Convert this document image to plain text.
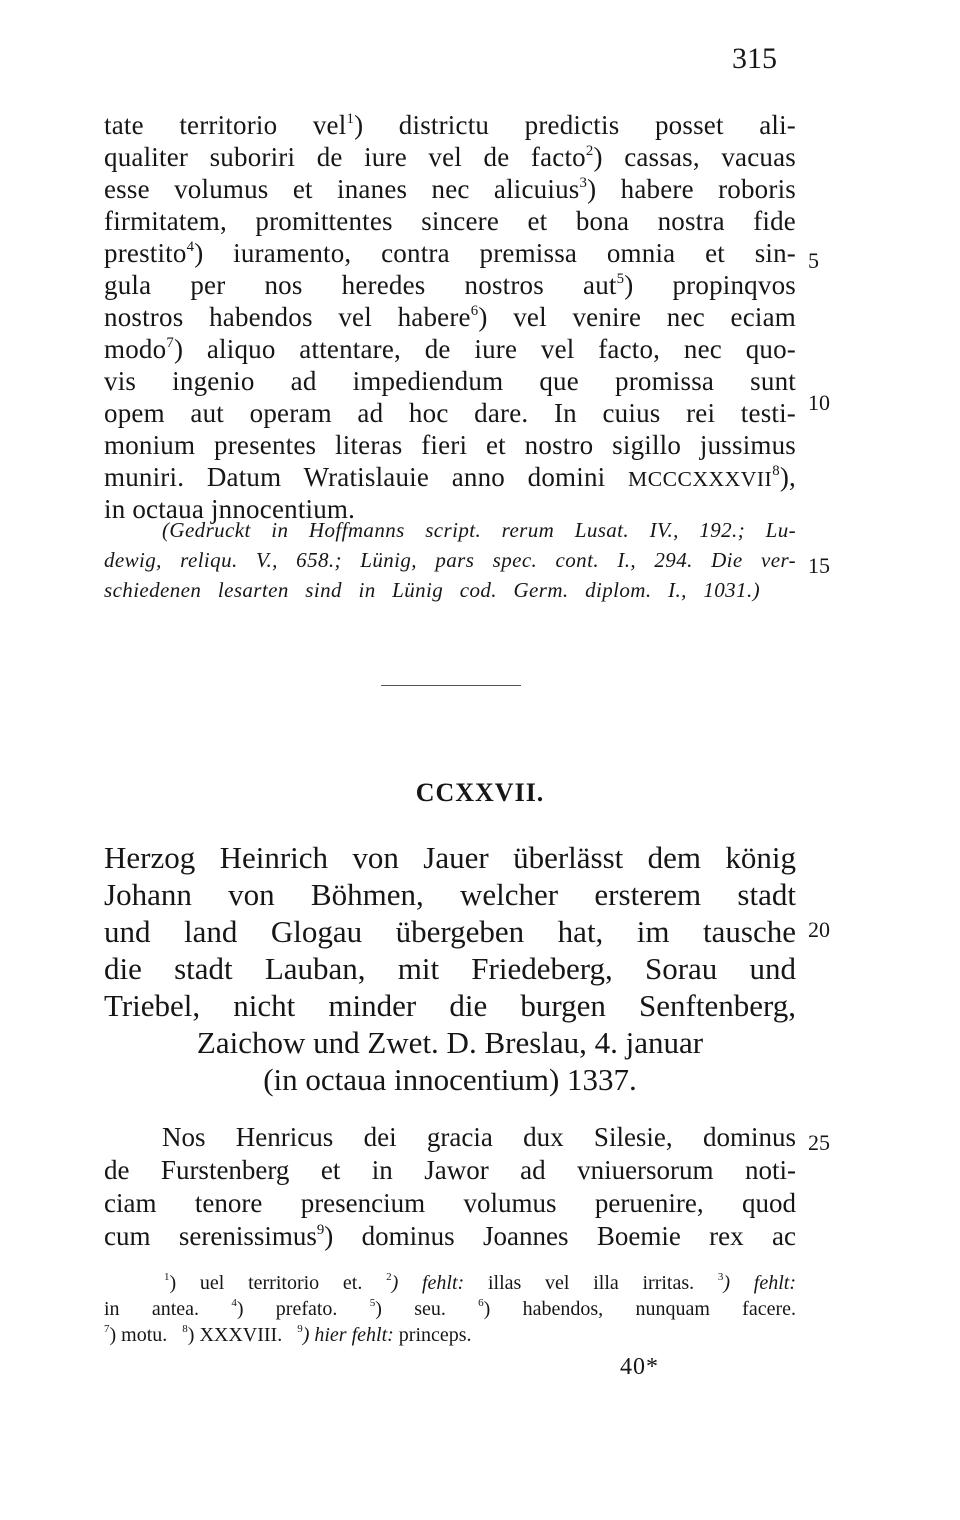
315
tate territorio vel$^1$) districtu predictis posset ali-
qualiter suboriri de iure vel de facto$^2$) cassas, vacuas
esse volumus et inanes nec alicuius$^3$) habere roboris
firmitatem, promittentes sincere et bona nostra fide
prestito$^4$) iuramento, contra premissa omnia et sin-
gula per nos heredes nostros aut$^5$) propinqvos
nostros habendos vel habere$^6$) vel venire nec eciam
modo$^7$) aliquo attentare, de iure vel facto, nec quo-
vis ingenio ad impediendum que promissa sunt
opem aut operam ad hoc dare. In cuius rei testi-
monium presentes literas fieri et nostro sigillo jussimus
muniri. Datum Wratislauie anno domini MCCCXXXVII$^8$),
in octaua jnnocentium.
5
10
15
20
25
(Gedruckt in Hoffmanns script. rerum Lusat. IV., 192.; Lu-
dewig, reliqu. V., 658.; Lünig, pars spec. cont. I., 294. Die ver-
schiedenen lesarten sind in Lünig cod. Germ. diplom. I., 1031.)
CCXXVII.
Herzog Heinrich von Jauer überlässt dem könig
Johann von Böhmen, welcher ersterem stadt
und land Glogau übergeben hat, im tausche
die stadt Lauban, mit Friedeberg, Sorau und
Triebel, nicht minder die burgen Senftenberg,
Zaichow und Zwet. D. Breslau, 4. januar
(in octaua innocentium) 1337.
Nos Henricus dei gracia dux Silesie, dominus
de Furstenberg et in Jawor ad vniuersorum noti-
ciam tenore presencium volumus peruenire, quod
cum serenissimus$^9$) dominus Joannes Boemie rex ac
$^1$) uel territorio et. $^2$) fehlt: illas vel illa irritas. $^3$) fehlt:
in antea.	$^4$) prefato.	$^5$) seu.	$^6$) habendos, nunquam facere.
$^7$) motu. $^8$) XXXVIII. $^9$) hier fehlt: princeps.
40*
